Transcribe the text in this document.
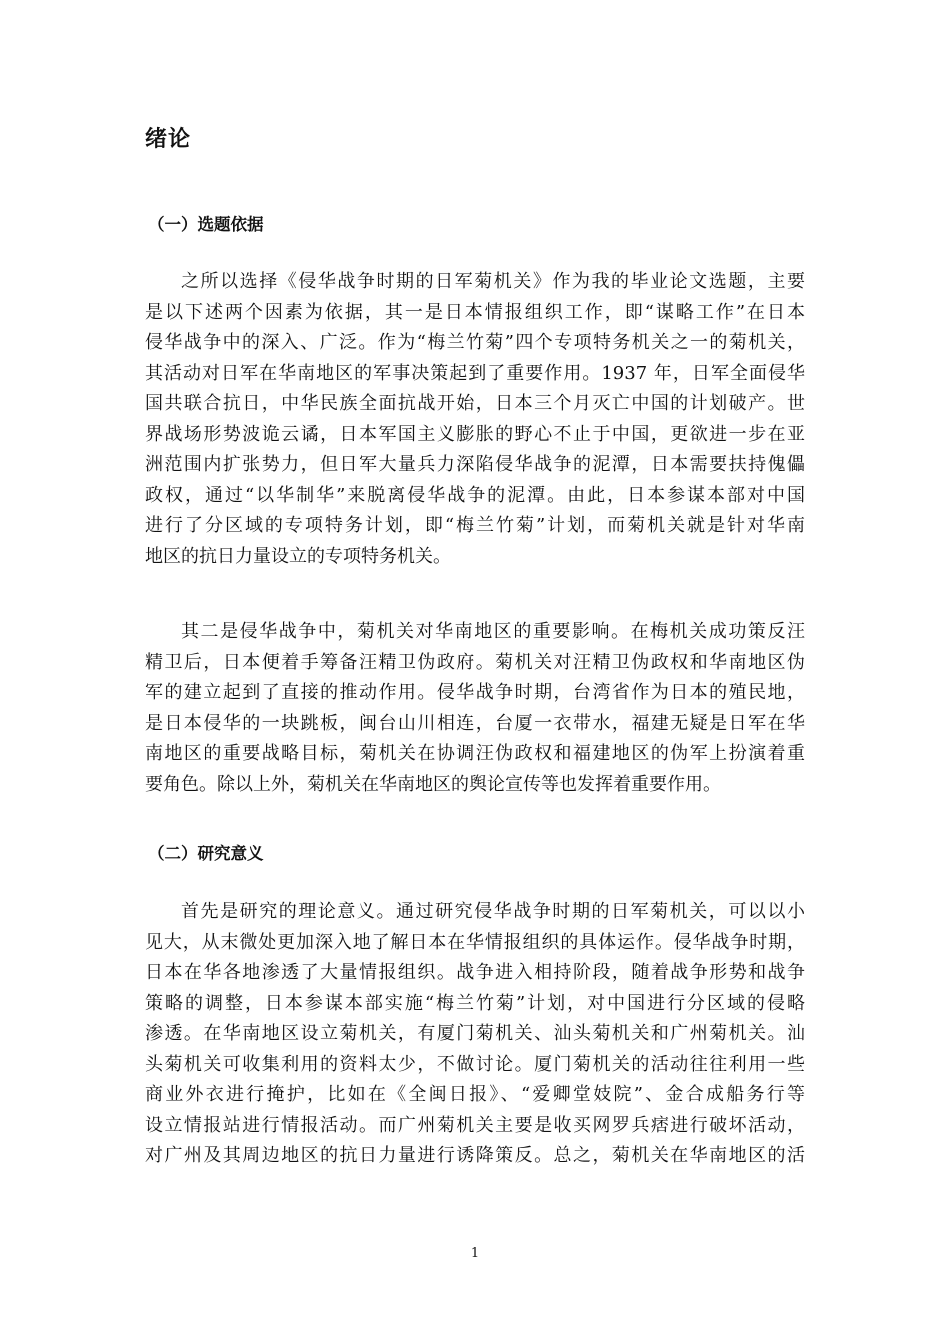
绪论
（一）选题依据
之所以选择《侵华战争时期的日军菊机关》作为我的毕业论文选题，主要
是以下述两个因素为依据，其一是日本情报组织工作，即“谋略工作”在日本
侵华战争中的深入、广泛。作为“梅兰竹菊”四个专项特务机关之一的菊机关，
其活动对日军在华南地区的军事决策起到了重要作用。1937 年，日军全面侵华
国共联合抗日，中华民族全面抗战开始，日本三个月灭亡中国的计划破产。世
界战场形势波诡云谲，日本军国主义膨胀的野心不止于中国，更欲进一步在亚
洲范围内扩张势力，但日军大量兵力深陷侵华战争的泥潭，日本需要扶持傀儡
政权，通过“以华制华”来脱离侵华战争的泥潭。由此，日本参谋本部对中国
进行了分区域的专项特务计划，即“梅兰竹菊”计划，而菊机关就是针对华南
地区的抗日力量设立的专项特务机关。
其二是侵华战争中，菊机关对华南地区的重要影响。在梅机关成功策反汪
精卫后，日本便着手筹备汪精卫伪政府。菊机关对汪精卫伪政权和华南地区伪
军的建立起到了直接的推动作用。侵华战争时期，台湾省作为日本的殖民地，
是日本侵华的一块跳板，闽台山川相连，台厦一衣带水，福建无疑是日军在华
南地区的重要战略目标，菊机关在协调汪伪政权和福建地区的伪军上扮演着重
要角色。除以上外，菊机关在华南地区的舆论宣传等也发挥着重要作用。
（二）研究意义
首先是研究的理论意义。通过研究侵华战争时期的日军菊机关，可以以小
见大，从末微处更加深入地了解日本在华情报组织的具体运作。侵华战争时期，
日本在华各地渗透了大量情报组织。战争进入相持阶段，随着战争形势和战争
策略的调整，日本参谋本部实施“梅兰竹菊”计划，对中国进行分区域的侵略
渗透。在华南地区设立菊机关，有厦门菊机关、汕头菊机关和广州菊机关。汕
头菊机关可收集利用的资料太少，不做讨论。厦门菊机关的活动往往利用一些
商业外衣进行掩护，比如在《全闽日报》、“爱卿堂妓院”、金合成船务行等
设立情报站进行情报活动。而广州菊机关主要是收买网罗兵痞进行破坏活动，
对广州及其周边地区的抗日力量进行诱降策反。总之，菊机关在华南地区的活
1
